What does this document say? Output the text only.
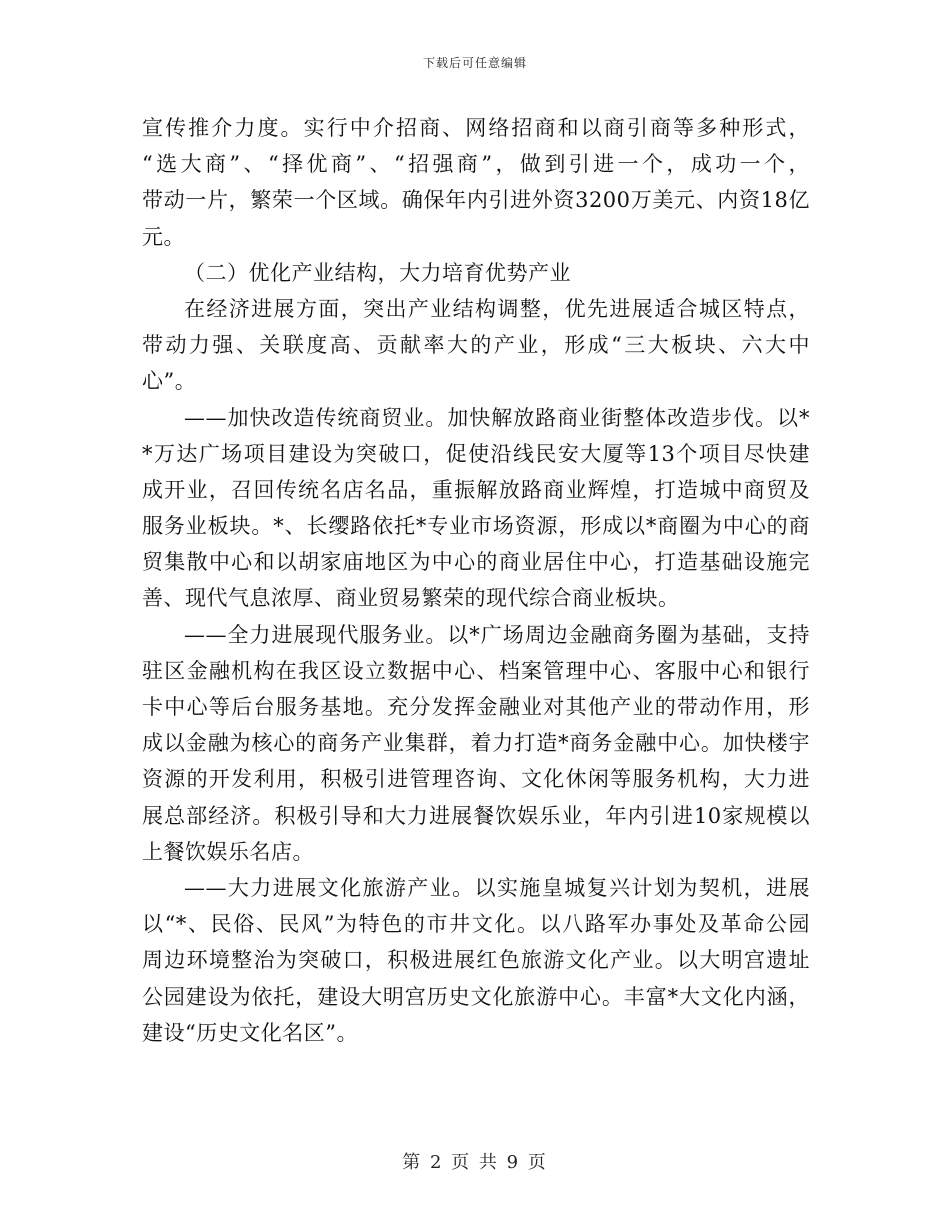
下载后可任意编辑
宣传推介力度。实行中介招商、网络招商和以商引商等多种形式，
“选大商”、“择优商”、“招强商”，做到引进一个，成功一个，
带动一片，繁荣一个区域。确保年内引进外资3200万美元、内资18亿
元。
（二）优化产业结构，大力培育优势产业
在经济进展方面，突出产业结构调整，优先进展适合城区特点，
带动力强、关联度高、贡献率大的产业，形成“三大板块、六大中
心”。
——加快改造传统商贸业。加快解放路商业街整体改造步伐。以*
*万达广场项目建设为突破口，促使沿线民安大厦等13个项目尽快建
成开业，召回传统名店名品，重振解放路商业辉煌，打造城中商贸及
服务业板块。*、长缨路依托*专业市场资源，形成以*商圈为中心的商
贸集散中心和以胡家庙地区为中心的商业居住中心，打造基础设施完
善、现代气息浓厚、商业贸易繁荣的现代综合商业板块。
——全力进展现代服务业。以*广场周边金融商务圈为基础，支持
驻区金融机构在我区设立数据中心、档案管理中心、客服中心和银行
卡中心等后台服务基地。充分发挥金融业对其他产业的带动作用，形
成以金融为核心的商务产业集群，着力打造*商务金融中心。加快楼宇
资源的开发利用，积极引进管理咨询、文化休闲等服务机构，大力进
展总部经济。积极引导和大力进展餐饮娱乐业，年内引进10家规模以
上餐饮娱乐名店。
——大力进展文化旅游产业。以实施皇城复兴计划为契机，进展
以“*、民俗、民风”为特色的市井文化。以八路军办事处及革命公园
周边环境整治为突破口，积极进展红色旅游文化产业。以大明宫遗址
公园建设为依托，建设大明宫历史文化旅游中心。丰富*大文化内涵，
建设“历史文化名区”。
第 2 页 共 9 页
